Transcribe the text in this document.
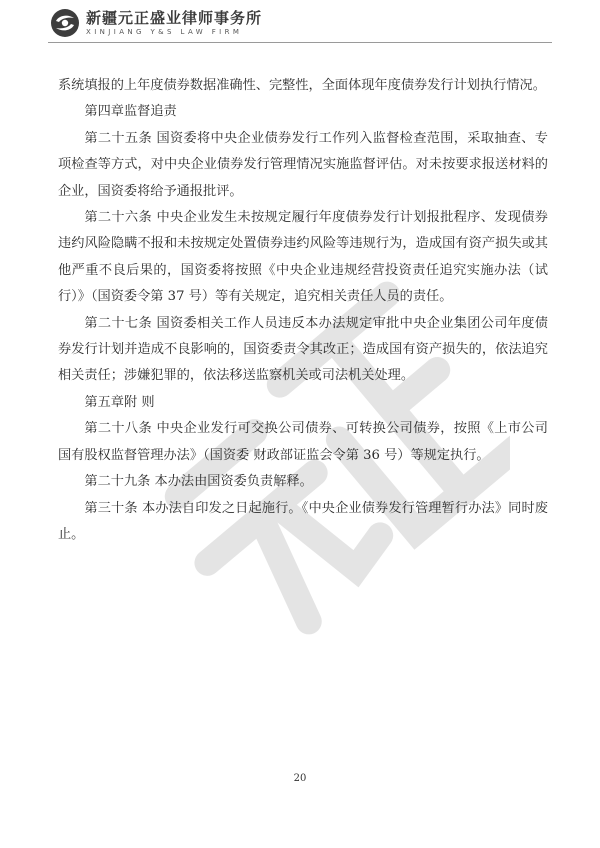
新疆元正盛业律师事务所
XINJIANG Y&S LAW FIRM

系统填报的上年度债券数据准确性、完整性，全面体现年度债券发行计划执行情况。

第四章监督追责

第二十五条 国资委将中央企业债券发行工作列入监督检查范围，采取抽查、专项检查等方式，对中央企业债券发行管理情况实施监督评估。对未按要求报送材料的企业，国资委将给予通报批评。

第二十六条 中央企业发生未按规定履行年度债券发行计划报批程序、发现债券违约风险隐瞒不报和未按规定处置债券违约风险等违规行为，造成国有资产损失或其他严重不良后果的，国资委将按照《中央企业违规经营投资责任追究实施办法（试行）》（国资委令第 37 号）等有关规定，追究相关责任人员的责任。

第二十七条 国资委相关工作人员违反本办法规定审批中央企业集团公司年度债券发行计划并造成不良影响的，国资委责令其改正；造成国有资产损失的，依法追究相关责任；涉嫌犯罪的，依法移送监察机关或司法机关处理。

第五章附 则

第二十八条 中央企业发行可交换公司债券、可转换公司债券，按照《上市公司国有股权监督管理办法》（国资委 财政部证监会令第 36 号）等规定执行。

第二十九条 本办法由国资委负责解释。

第三十条 本办法自印发之日起施行。《中央企业债券发行管理暂行办法》同时废止。

20
